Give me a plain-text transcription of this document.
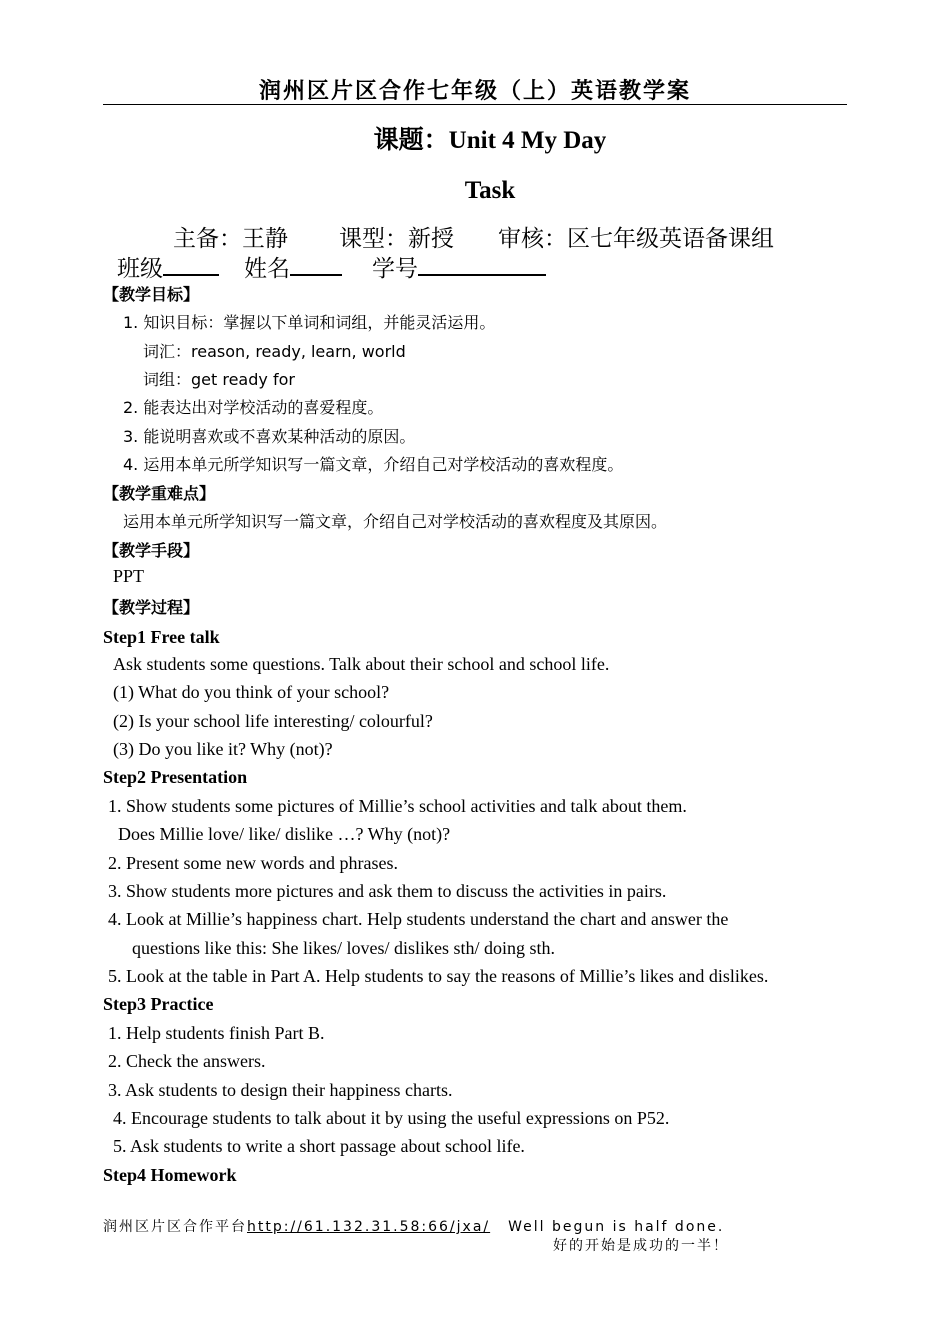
润州区片区合作七年级（上）英语教学案
课题：Unit 4 My Day
Task
主备：王静 课型：新授 审核：区七年级英语备课组
班级	姓名	学号
【教学目标】
1. 知识目标：掌握以下单词和词组，并能灵活运用。
词汇：reason, ready, learn, world
词组：get ready for
2. 能表达出对学校活动的喜爱程度。
3. 能说明喜欢或不喜欢某种活动的原因。
4. 运用本单元所学知识写一篇文章，介绍自己对学校活动的喜欢程度。
【教学重难点】
运用本单元所学知识写一篇文章，介绍自己对学校活动的喜欢程度及其原因。
【教学手段】
PPT
【教学过程】
Step1 Free talk
Ask students some questions. Talk about their school and school life.
(1) What do you think of your school?
(2) Is your school life interesting/ colourful?
(3) Do you like it? Why (not)?
Step2 Presentation
1. Show students some pictures of Millie’s school activities and talk about them.
Does Millie love/ like/ dislike …? Why (not)?
2. Present some new words and phrases.
3. Show students more pictures and ask them to discuss the activities in pairs.
4. Look at Millie’s happiness chart. Help students understand the chart and answer the
questions like this: She likes/ loves/ dislikes sth/ doing sth.
5. Look at the table in Part A. Help students to say the reasons of Millie’s likes and dislikes.
Step3 Practice
1. Help students finish Part B.
2. Check the answers.
3. Ask students to design their happiness charts.
4. Encourage students to talk about it by using the useful expressions on P52.
5. Ask students to write a short passage about school life.
Step4 Homework
润州区片区合作平台http://61.132.31.58:66/jxa/ Well begun is half done.
好的开始是成功的一半！
